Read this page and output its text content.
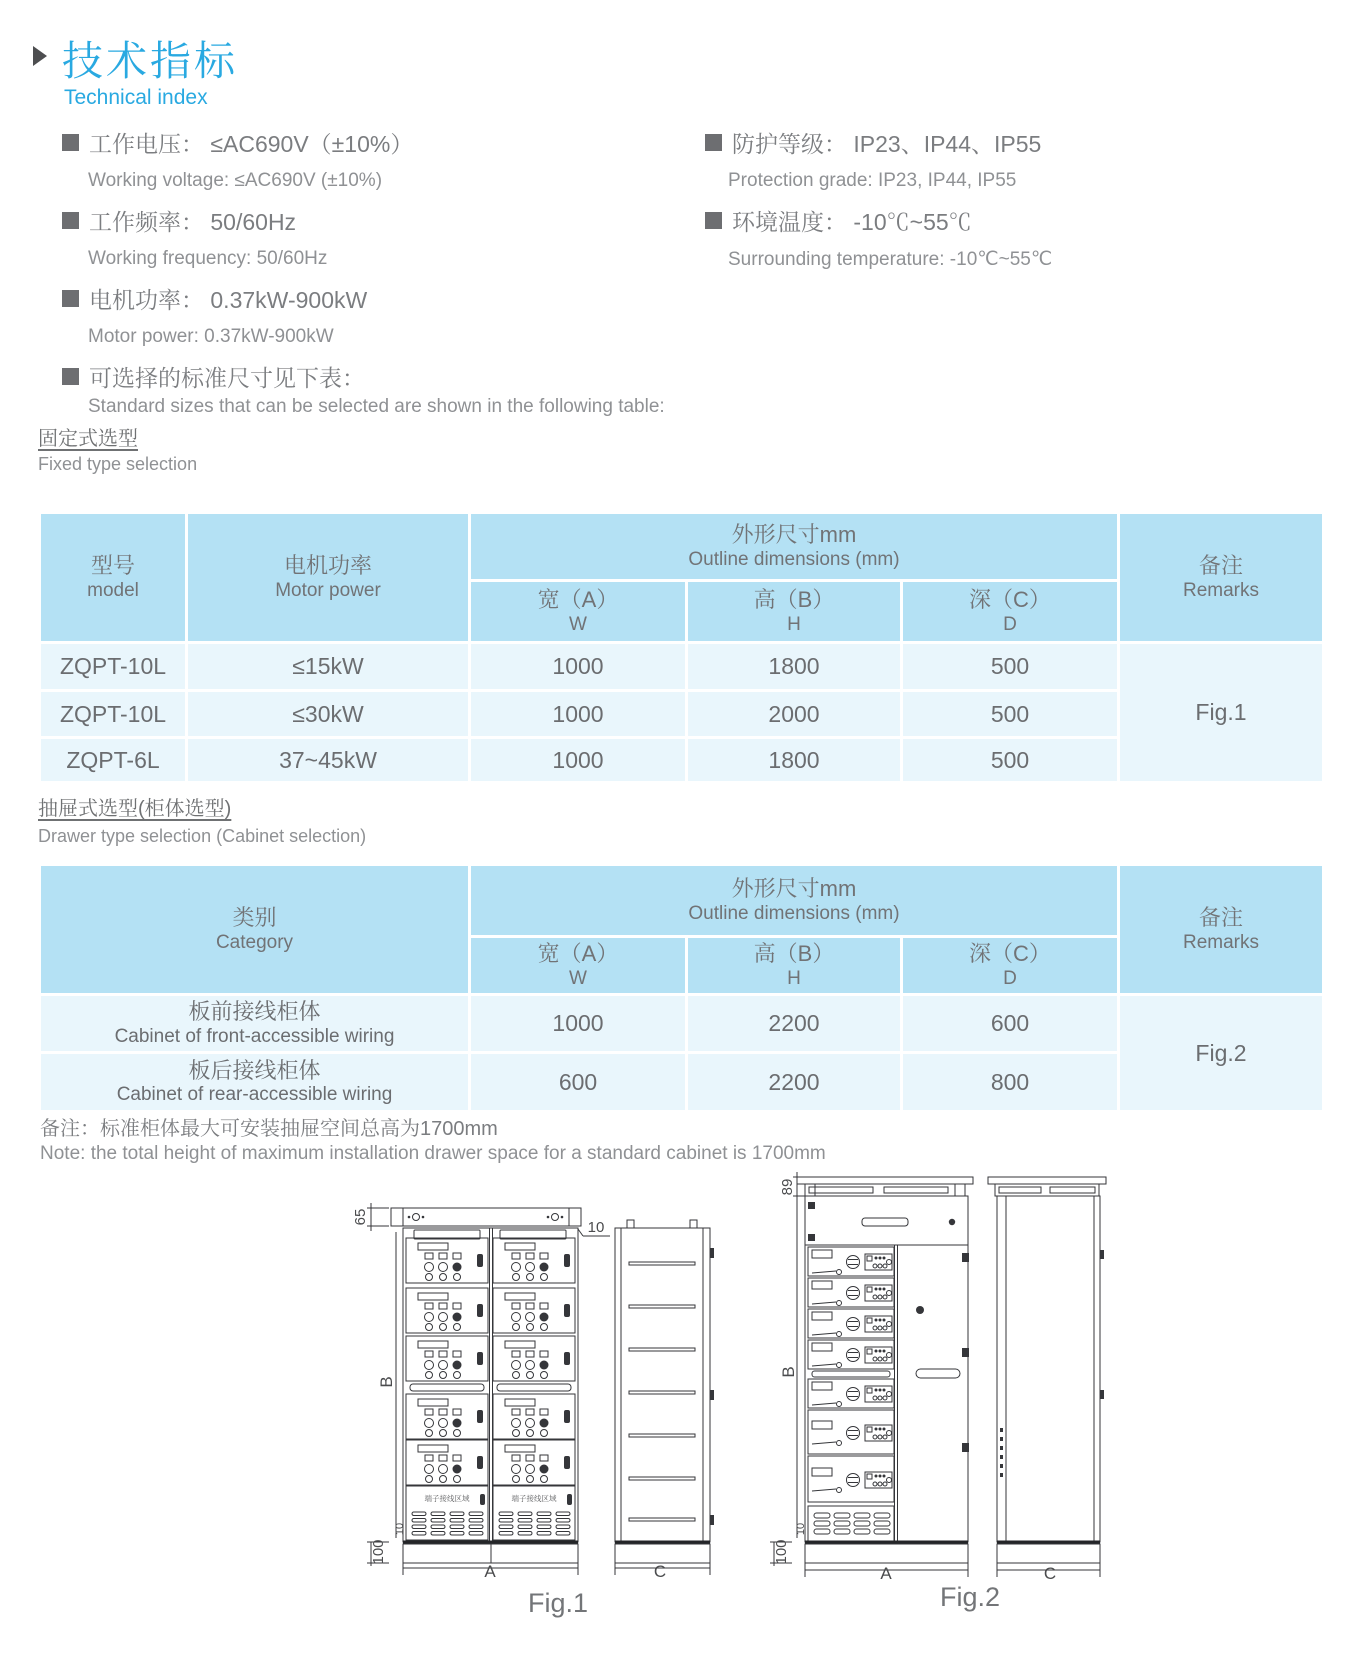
技术指标
Technical index
工作电压： ≤AC690V（±10%）
Working voltage: ≤AC690V (±10%)
工作频率： 50/60Hz
Working frequency: 50/60Hz
电机功率： 0.37kW-900kW
Motor power: 0.37kW-900kW
可选择的标准尺寸见下表：
Standard sizes that can be selected are shown in the following table:
防护等级： IP23、IP44、IP55
Protection grade: IP23, IP44, IP55
环境温度： -10℃~55℃
Surrounding temperature: -10℃~55℃
固定式选型
Fixed type selection
型号
model	电机功率
Motor power	外形尺寸mm
Outline dimensions (mm)			备注
Remarks

		宽（A）
W	高（B）
H	深（C）
D	

ZQPT-10L	≤15kW	1000	1800	500	Fig.1
ZQPT-10L	≤30kW	1000	2000	500	
ZQPT-6L	37~45kW	1000	1800	500	
抽屉式选型(柜体选型)
Drawer type selection (Cabinet selection)
类别
Category	外形尺寸mm
Outline dimensions (mm)			备注
Remarks

	宽（A）
W	高（B）
H	深（C）
D	

板前接线柜体
Cabinet of front-accessible wiring	1000	2200	600	Fig.2

板后接线柜体
Cabinet of rear-accessible wiring	600	2200	800	
备注：标准柜体最大可安装抽屉空间总高为1700mm
Note: the total height of maximum installation drawer space for a standard cabinet is 1700mm
端子接线区域
65
10
B
100
10
A	C
Fig.1
89
B
100
10
A	C
Fig.2
